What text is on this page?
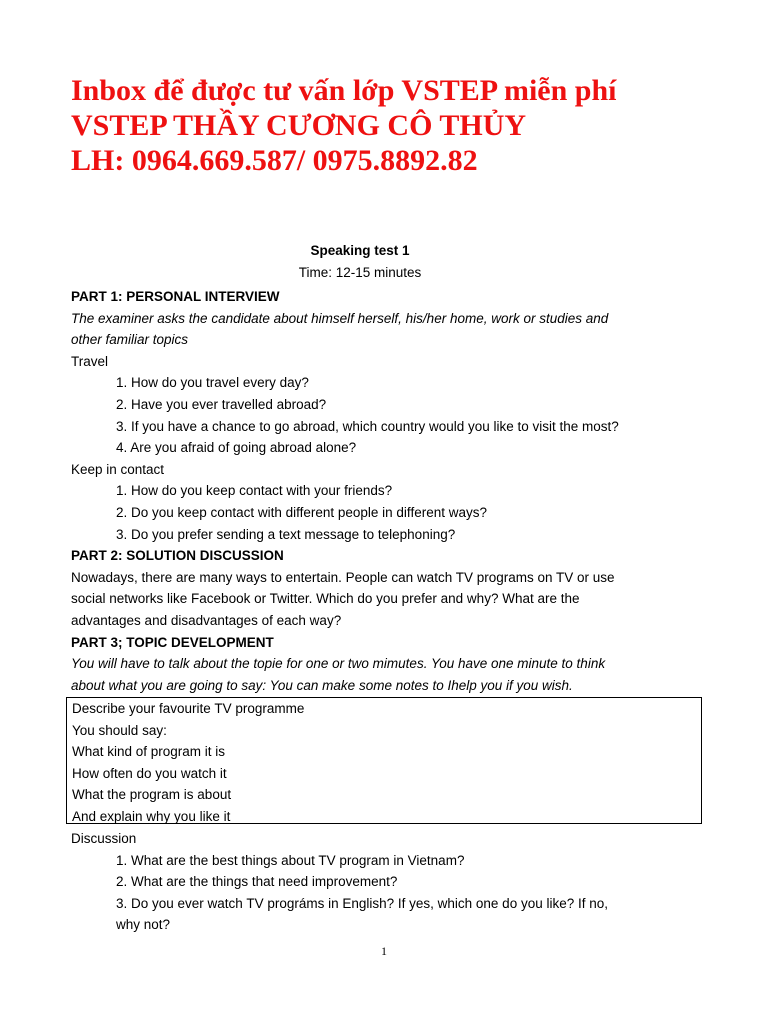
Inbox để được tư vấn lớp VSTEP miễn phí
VSTEP THẦY CƯƠNG CÔ THỦY
LH: 0964.669.587/ 0975.8892.82
Speaking test 1
Time: 12-15 minutes
PART 1: PERSONAL INTERVIEW
The examiner asks the candidate about himself herself, his/her home, work or studies and other familiar topics
Travel
1. How do you travel every day?
2. Have you ever travelled abroad?
3. If you have a chance to go abroad, which country would you like to visit the most?
4. Are you afraid of going abroad alone?
Keep in contact
1. How do you keep contact with your friends?
2. Do you keep contact with different people in different ways?
3. Do you prefer sending a text message to telephoning?
PART 2: SOLUTION DISCUSSION
Nowadays, there are many ways to entertain. People can watch TV programs on TV or use social networks like Facebook or Twitter. Which do you prefer and why? What are the advantages and disadvantages of each way?
PART 3; TOPIC DEVELOPMENT
You will have to talk about the topie for one or two mimutes. You have one minute to think about what you are going to say: You can make some notes to Ihelp you if you wish.
Describe your favourite TV programme
You should say:
What kind of program it is
How often do you watch it
What the program is about
And explain why you like it
Discussion
1. What are the best things about TV program in Vietnam?
2. What are the things that need improvement?
3. Do you ever watch TV prográms in English? If yes, which one do you like? If no, why not?
1
